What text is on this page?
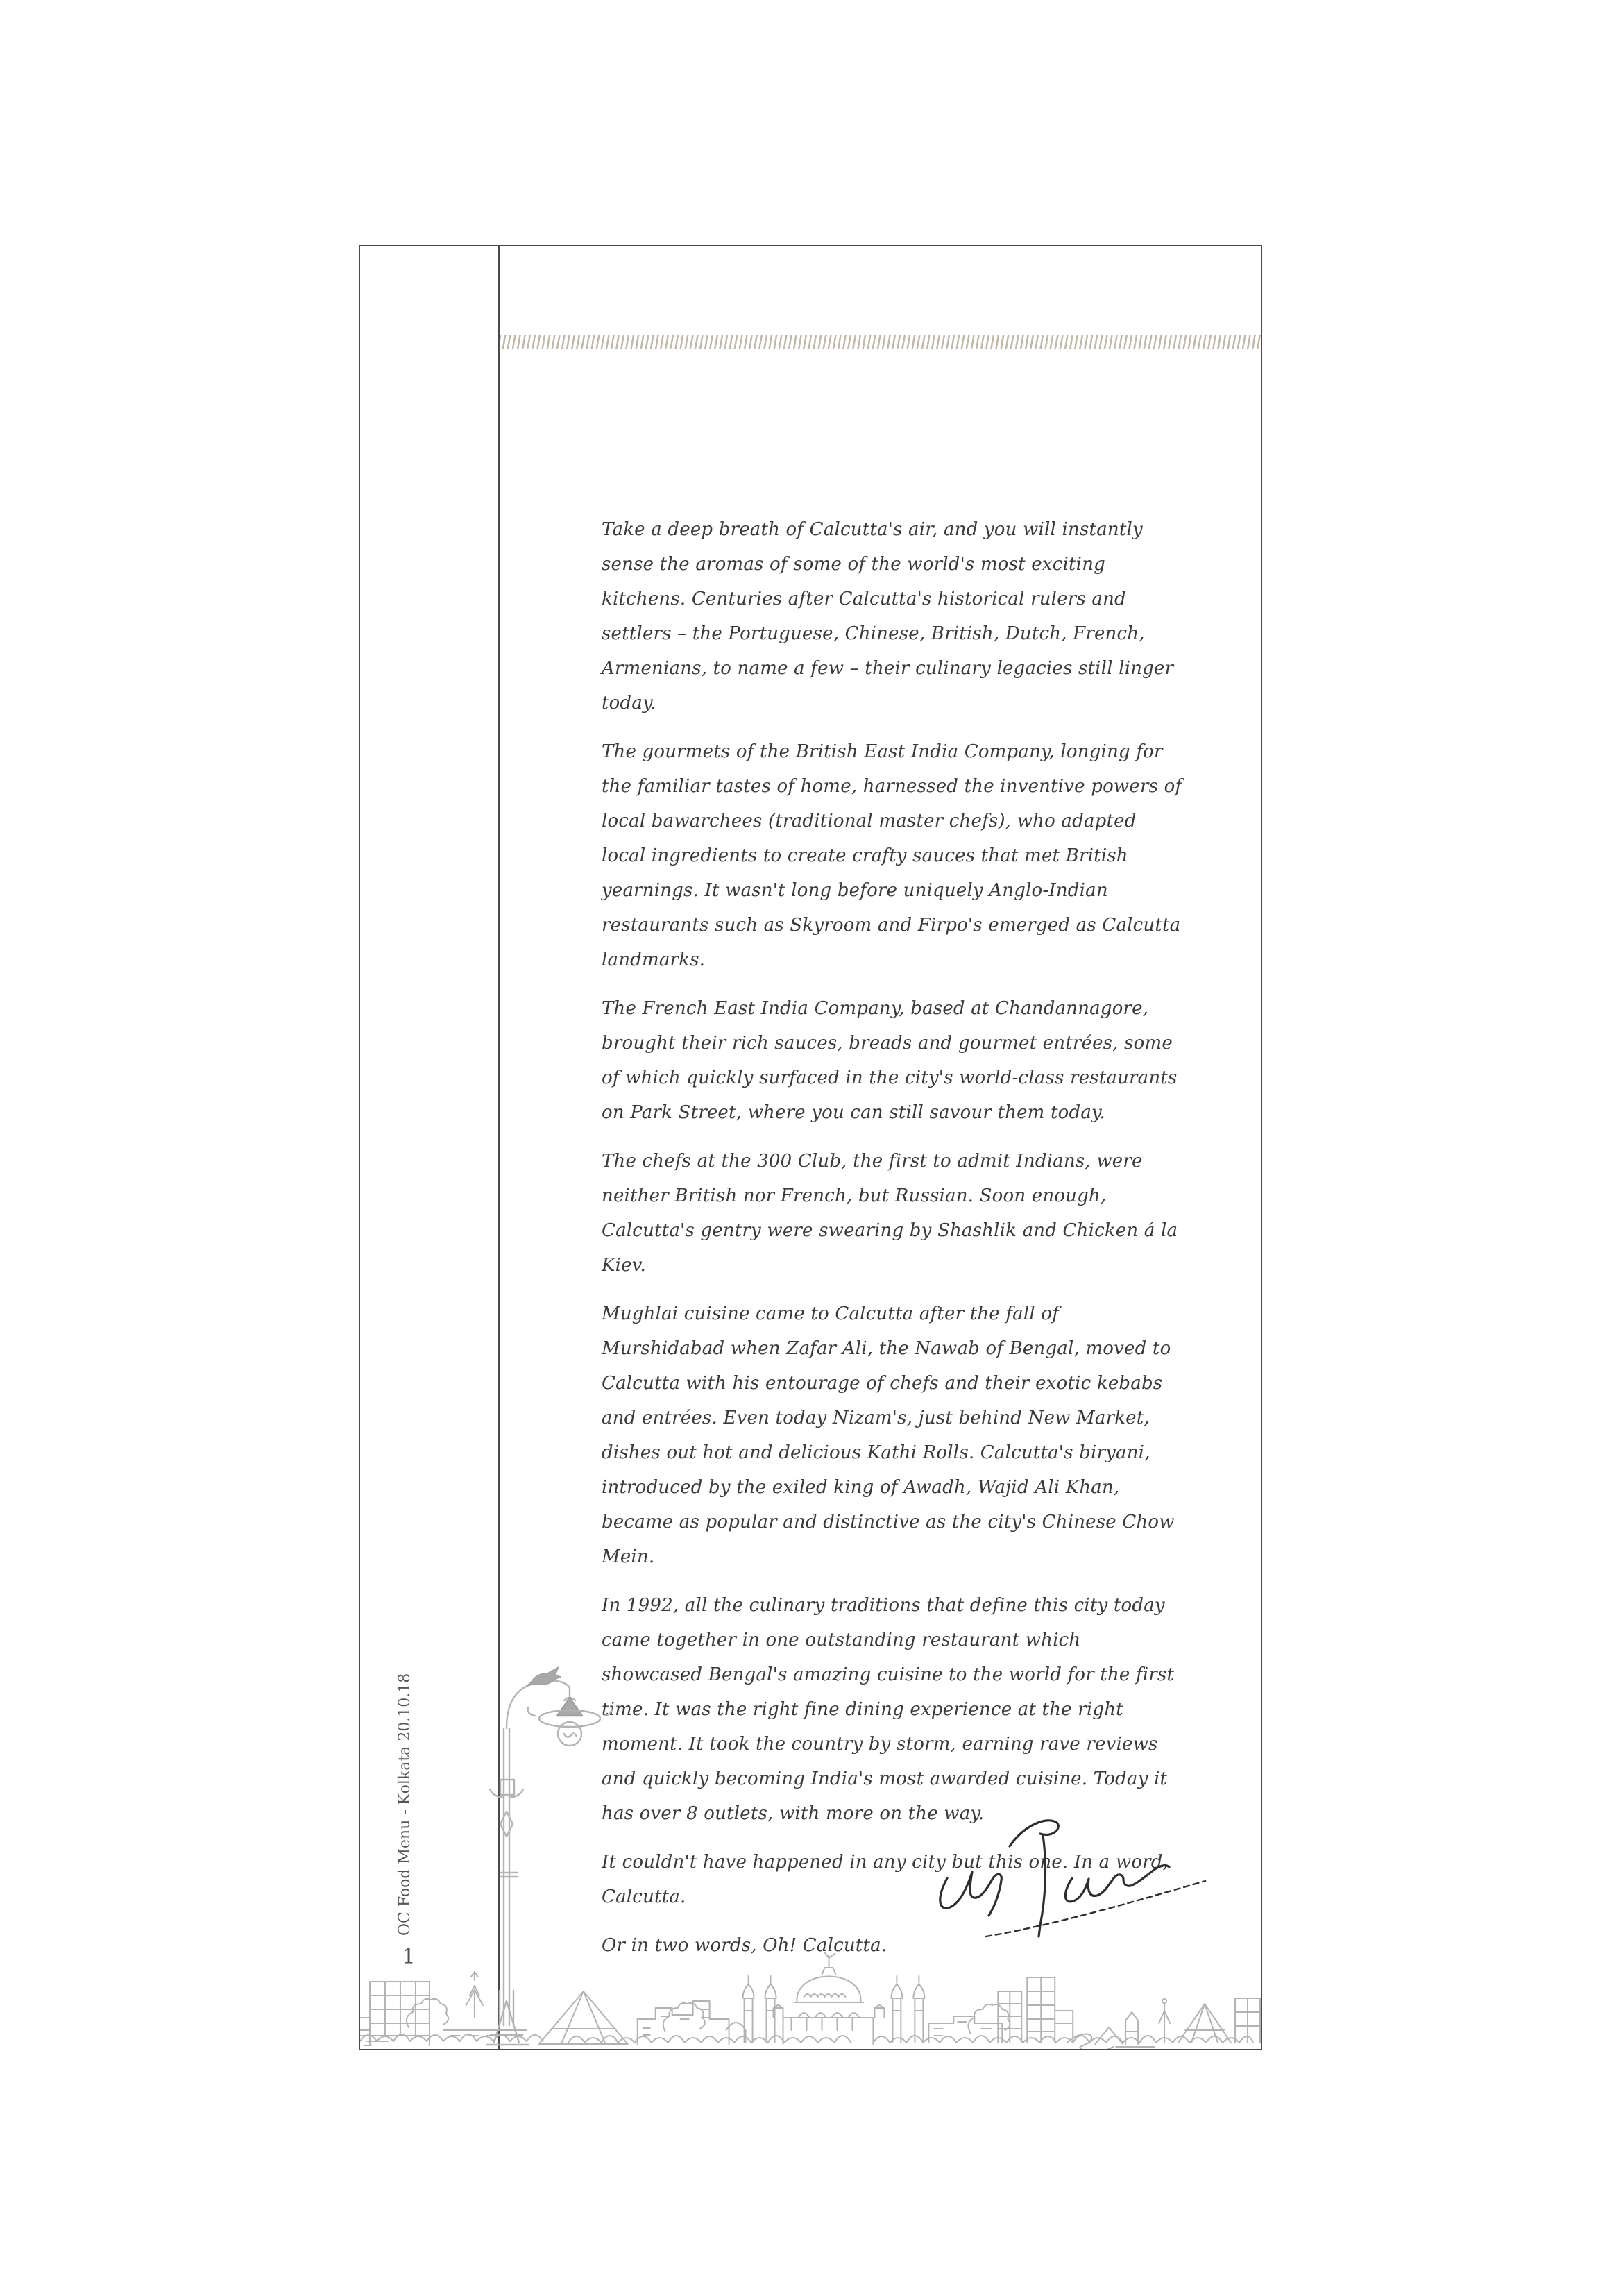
Take a deep breath of Calcutta's air, and you will instantly sense the aromas of some of the world's most exciting kitchens. Centuries after Calcutta's historical rulers and settlers – the Portuguese, Chinese, British, Dutch, French, Armenians, to name a few – their culinary legacies still linger today.

The gourmets of the British East India Company, longing for the familiar tastes of home, harnessed the inventive powers of local bawarchees (traditional master chefs), who adapted local ingredients to create crafty sauces that met British yearnings. It wasn't long before uniquely Anglo-Indian restaurants such as Skyroom and Firpo's emerged as Calcutta landmarks.

The French East India Company, based at Chandannagore, brought their rich sauces, breads and gourmet entrées, some of which quickly surfaced in the city's world-class restaurants on Park Street, where you can still savour them today.

The chefs at the 300 Club, the first to admit Indians, were neither British nor French, but Russian. Soon enough, Calcutta's gentry were swearing by Shashlik and Chicken á la Kiev.

Mughlai cuisine came to Calcutta after the fall of Murshidabad when Zafar Ali, the Nawab of Bengal, moved to Calcutta with his entourage of chefs and their exotic kebabs and entrées. Even today Nizam's, just behind New Market, dishes out hot and delicious Kathi Rolls. Calcutta's biryani, introduced by the exiled king of Awadh, Wajid Ali Khan, became as popular and distinctive as the city's Chinese Chow Mein.

In 1992, all the culinary traditions that define this city today came together in one outstanding restaurant which showcased Bengal's amazing cuisine to the world for the first time. It was the right fine dining experience at the right moment. It took the country by storm, earning rave reviews and quickly becoming India's most awarded cuisine. Today it has over 8 outlets, with more on the way.

It couldn't have happened in any city but this one. In a word, Calcutta.

Or in two words, Oh! Calcutta.

OC Food Menu - Kolkata 20.10.18
1
